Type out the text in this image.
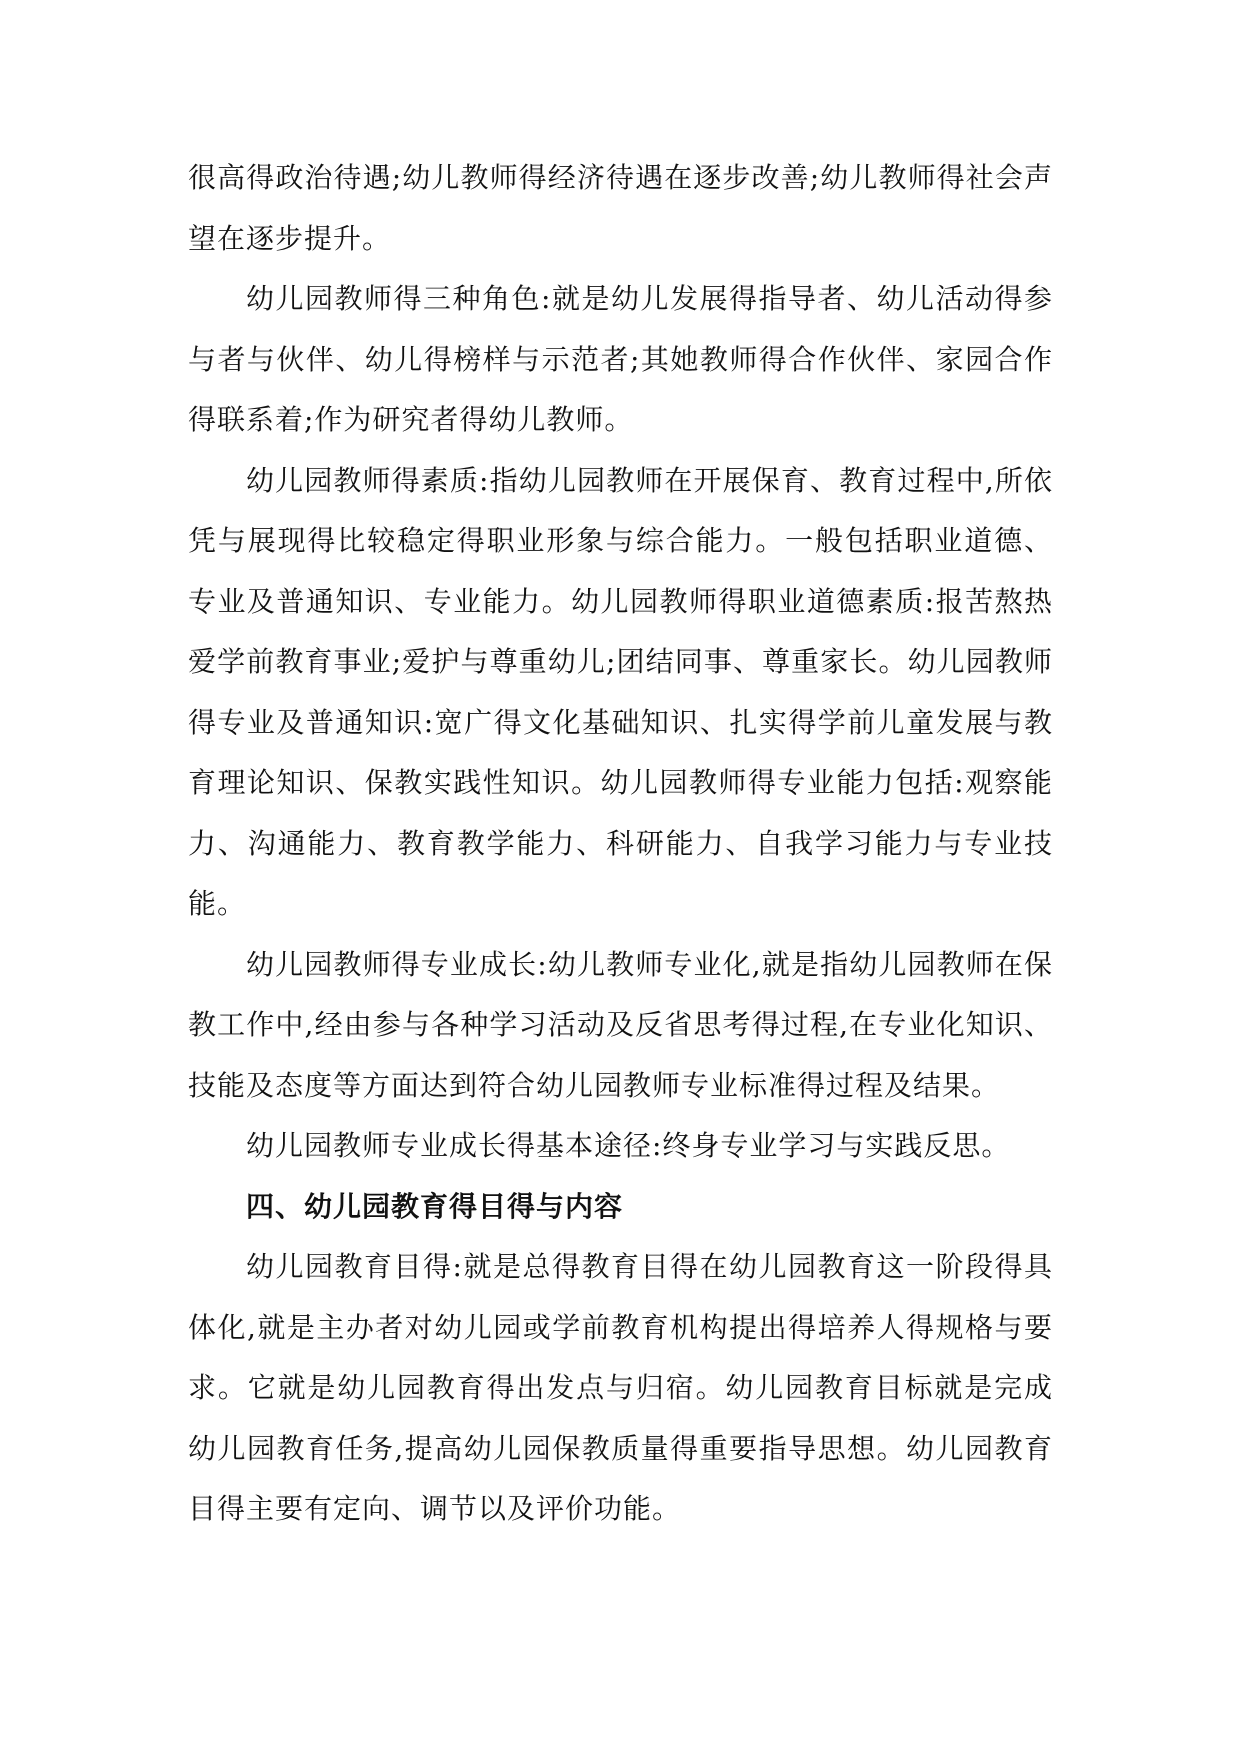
很高得政治待遇;幼儿教师得经济待遇在逐步改善;幼儿教师得社会声望在逐步提升。

幼儿园教师得三种角色:就是幼儿发展得指导者、幼儿活动得参与者与伙伴、幼儿得榜样与示范者;其她教师得合作伙伴、家园合作得联系着;作为研究者得幼儿教师。

幼儿园教师得素质:指幼儿园教师在开展保育、教育过程中,所依凭与展现得比较稳定得职业形象与综合能力。一般包括职业道德、专业及普通知识、专业能力。幼儿园教师得职业道德素质:报苦熬热爱学前教育事业;爱护与尊重幼儿;团结同事、尊重家长。幼儿园教师得专业及普通知识:宽广得文化基础知识、扎实得学前儿童发展与教育理论知识、保教实践性知识。幼儿园教师得专业能力包括:观察能力、沟通能力、教育教学能力、科研能力、自我学习能力与专业技能。

幼儿园教师得专业成长:幼儿教师专业化,就是指幼儿园教师在保教工作中,经由参与各种学习活动及反省思考得过程,在专业化知识、技能及态度等方面达到符合幼儿园教师专业标准得过程及结果。

幼儿园教师专业成长得基本途径:终身专业学习与实践反思。

四、幼儿园教育得目得与内容

幼儿园教育目得:就是总得教育目得在幼儿园教育这一阶段得具体化,就是主办者对幼儿园或学前教育机构提出得培养人得规格与要求。它就是幼儿园教育得出发点与归宿。幼儿园教育目标就是完成幼儿园教育任务,提高幼儿园保教质量得重要指导思想。幼儿园教育目得主要有定向、调节以及评价功能。
